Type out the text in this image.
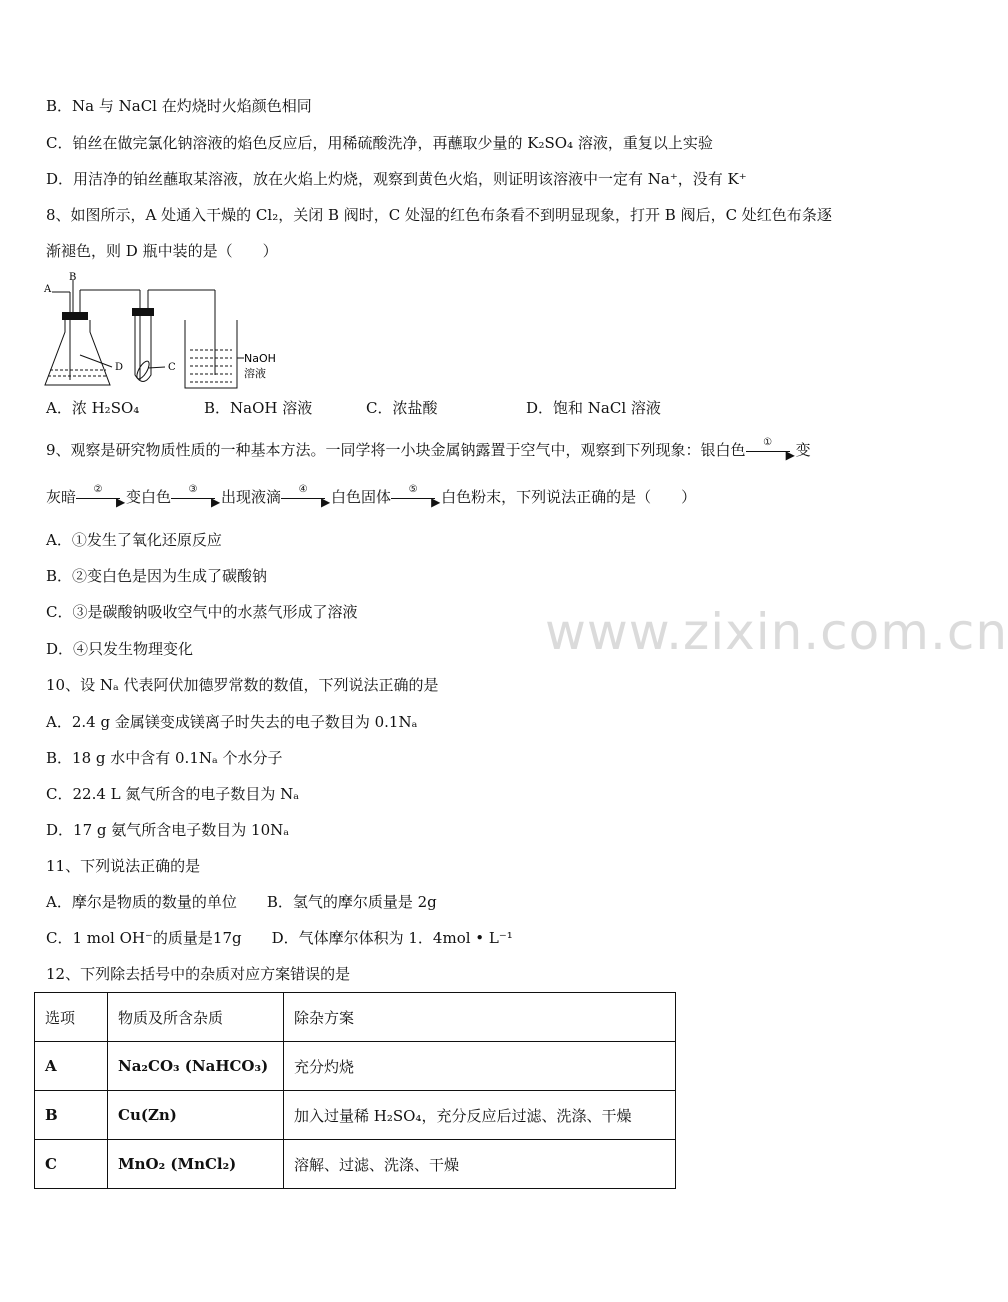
B．Na 与 NaCl 在灼烧时火焰颜色相同
C．铂丝在做完氯化钠溶液的焰色反应后，用稀硫酸洗净，再蘸取少量的 K₂SO₄ 溶液，重复以上实验
D．用洁净的铂丝蘸取某溶液，放在火焰上灼烧，观察到黄色火焰，则证明该溶液中一定有 Na⁺，没有 K⁺
8、如图所示，A 处通入干燥的 Cl₂，关闭 B 阀时，C 处湿的红色布条看不到明显现象，打开 B 阀后，C 处红色布条逐
渐褪色，则 D 瓶中装的是（　　）
A
B
D	C
NaOH
溶液
A．浓 H₂SO₄	B．NaOH 溶液	C．浓盐酸	D．饱和 NaCl 溶液
9、观察是研究物质性质的一种基本方法。一同学将一小块金属钠露置于空气中，观察到下列现象：银白色	①
▶ 变
灰暗	②
▶ 变白色	③
▶ 出现液滴	④
▶ 白色固体	⑤
▶ 白色粉末，下列说法正确的是（　　）
A．①发生了氧化还原反应
B．②变白色是因为生成了碳酸钠
C．③是碳酸钠吸收空气中的水蒸气形成了溶液
D．④只发生物理变化	www.zixin.com.cn
10、设 Nₐ 代表阿伏加德罗常数的数值，下列说法正确的是
A．2.4 g 金属镁变成镁离子时失去的电子数目为 0.1Nₐ
B．18 g 水中含有 0.1Nₐ 个水分子
C．22.4 L 氮气所含的电子数目为 Nₐ
D．17 g 氨气所含电子数目为 10Nₐ
11、下列说法正确的是
A．摩尔是物质的数量的单位　　B．氢气的摩尔质量是 2g
C．1 mol OH⁻的质量是17g　　D．气体摩尔体积为 1．4mol • L⁻¹
12、下列除去括号中的杂质对应方案错误的是
选项	物质及所含杂质	除杂方案
A	Na₂CO₃ (NaHCO₃)	充分灼烧
B	Cu(Zn)	加入过量稀 H₂SO₄，充分反应后过滤、洗涤、干燥
C	MnO₂ (MnCl₂)	溶解、过滤、洗涤、干燥
